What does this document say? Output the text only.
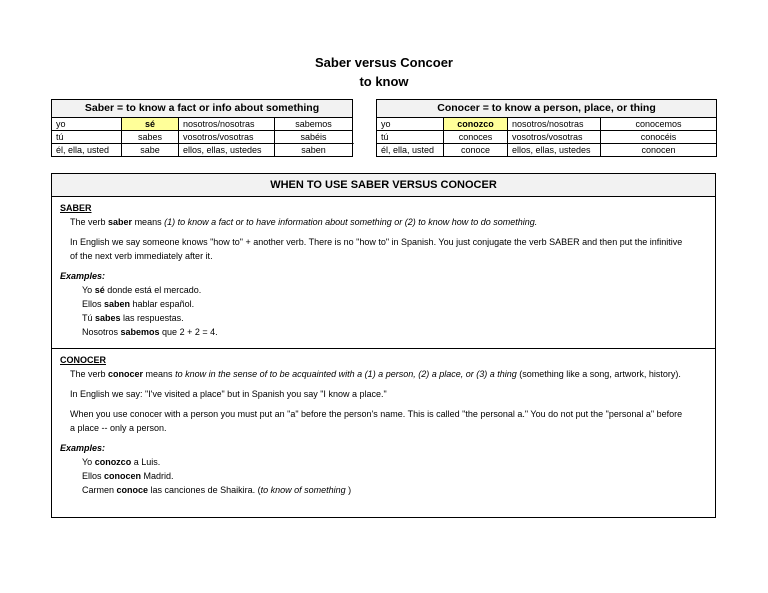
Saber versus Concoer
to know
Saber = to know a fact or info about something			
yo	sé	nosotros/nosotras	sabemos
tú	sabes	vosotros/vosotras	sabéis
él, ella, usted	sabe	ellos, ellas, ustedes	saben
.
Conocer = to know a person, place, or thing			
yo	conozco	nosotros/nosotras	conocemos
tú	conoces	vosotros/vosotras	conocéis
él, ella, usted	conoce	ellos, ellas, ustedes	conocen
WHEN TO USE SABER VERSUS CONOCER
SABER
The verb saber means (1) to know a fact or to have information about something or (2) to know how to do something.
In English we say someone knows "how to" + another verb. There is no "how to" in Spanish. You just conjugate the verb SABER and then put the infinitive of the next verb immediately after it.
Examples:
Yo sé donde está el mercado.
Ellos saben hablar español.
Tú sabes las respuestas.
Nosotros sabemos que 2 + 2 = 4.
CONOCER
The verb conocer means to know in the sense of to be acquainted with a (1) a person, (2) a place, or (3) a thing (something like a song, artwork, history).
In English we say: "I've visited a place" but in Spanish you say "I know a place."
When you use conocer with a person you must put an "a" before the person's name. This is called "the personal a." You do not put the "personal a" before a place -- only a person.
Examples:
Yo conozco a Luis.
Ellos conocen Madrid.
Carmen conoce las canciones de Shaikira. (to know of something )
